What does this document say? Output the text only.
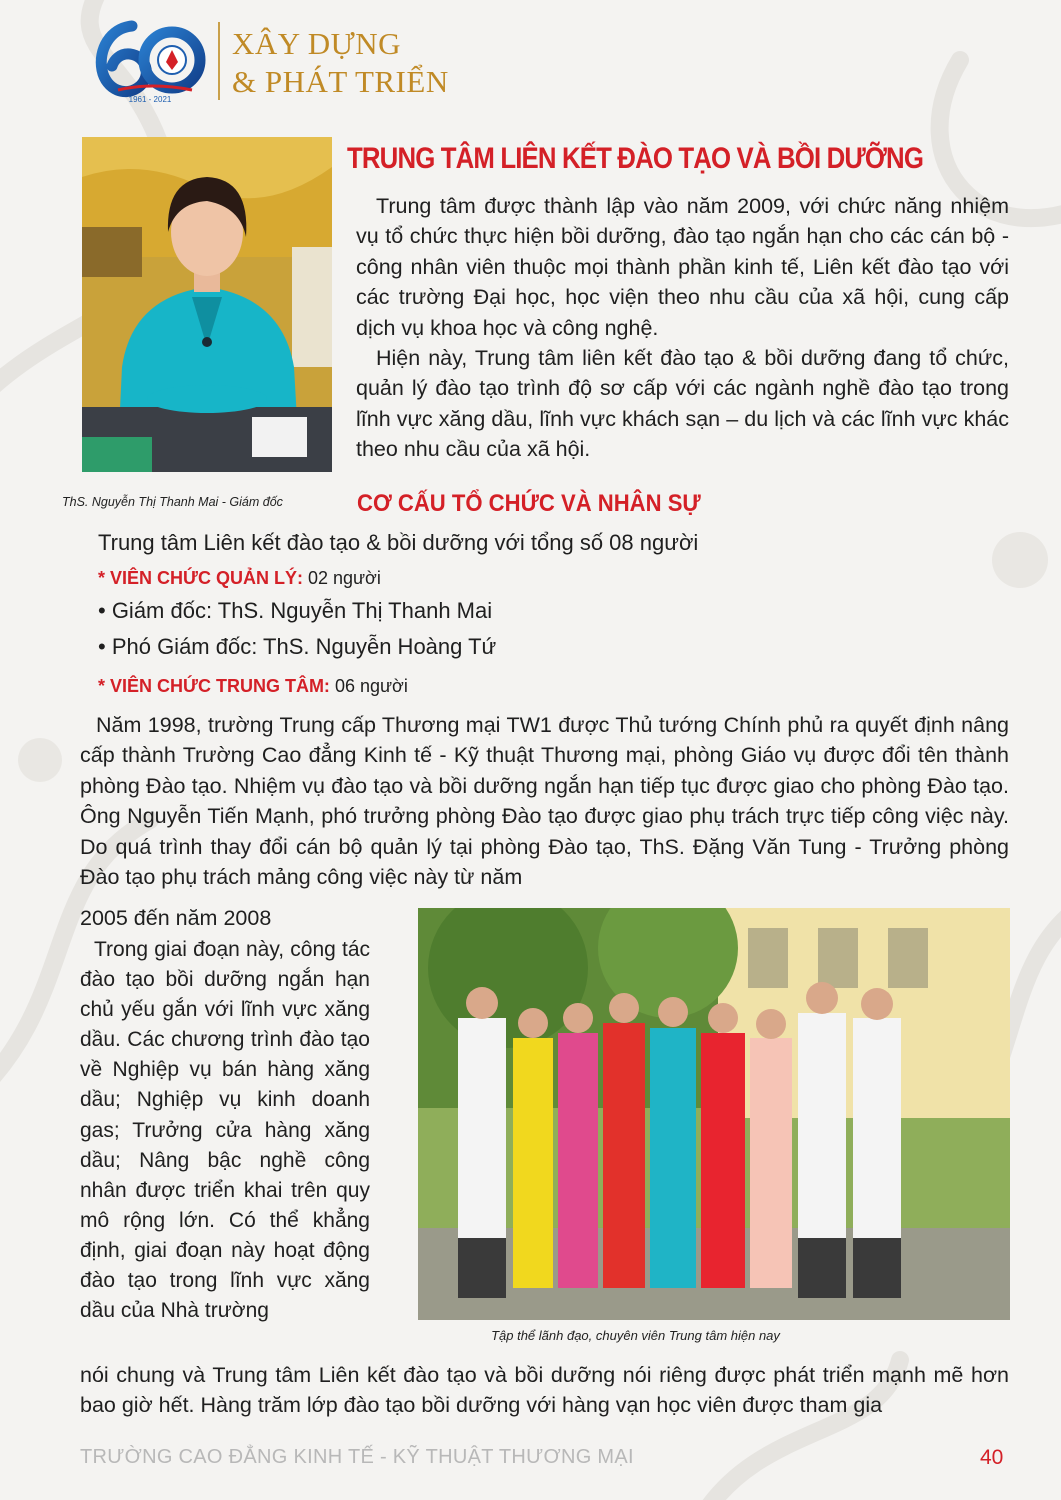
1961 - 2021
XÂY DỰNG
& PHÁT TRIỂN
ThS. Nguyễn Thị Thanh Mai - Giám đốc
TRUNG TÂM LIÊN KẾT ĐÀO TẠO VÀ BỒI DƯỠNG

Trung tâm được thành lập vào năm 2009, với chức năng nhiệm vụ tổ chức thực hiện bồi dưỡng, đào tạo ngắn hạn cho các cán bộ - công nhân viên thuộc mọi thành phần kinh tế, Liên kết đào tạo với các trường Đại học, học viện theo nhu cầu của xã hội, cung cấp dịch vụ khoa học và công nghệ.

Hiện này, Trung tâm liên kết đào tạo & bồi dưỡng đang tổ chức, quản lý đào tạo trình độ sơ cấp với các ngành nghề đào tạo trong lĩnh vực xăng dầu, lĩnh vực khách sạn – du lịch và các lĩnh vực khác theo nhu cầu của xã hội.

CƠ CẤU TỔ CHỨC VÀ NHÂN SỰ
Trung tâm Liên kết đào tạo & bồi dưỡng với tổng số 08 người
* VIÊN CHỨC QUẢN LÝ: 02 người
• Giám đốc: ThS. Nguyễn Thị Thanh Mai
• Phó Giám đốc: ThS. Nguyễn Hoàng Tứ
* VIÊN CHỨC TRUNG TÂM: 06 người

Năm 1998, trường Trung cấp Thương mại TW1 được Thủ tướng Chính phủ ra quyết định nâng cấp thành Trường Cao đẳng Kinh tế - Kỹ thuật Thương mại, phòng Giáo vụ được đổi tên thành phòng Đào tạo. Nhiệm vụ đào tạo và bồi dưỡng ngắn hạn tiếp tục được giao cho phòng Đào tạo. Ông Nguyễn Tiến Mạnh, phó trưởng phòng Đào tạo được giao phụ trách trực tiếp công việc này. Do quá trình thay đổi cán bộ quản lý tại phòng Đào tạo, ThS. Đặng Văn Tung - Trưởng phòng Đào tạo phụ trách mảng công việc này từ năm

2005 đến năm 2008

Trong giai đoạn này, công tác đào tạo bồi dưỡng ngắn hạn chủ yếu gắn với lĩnh vực xăng dầu. Các chương trình đào tạo về Nghiệp vụ bán hàng xăng dầu; Nghiệp vụ kinh doanh gas; Trưởng cửa hàng xăng dầu; Nâng bậc nghề công nhân được triển khai trên quy mô rộng lớn. Có thể khẳng định, giai đoạn này hoạt động đào tạo trong lĩnh vực xăng dầu của Nhà trường

Tập thể lãnh đạo, chuyên viên Trung tâm hiện nay

nói chung và Trung tâm Liên kết đào tạo và bồi dưỡng nói riêng được phát triển mạnh mẽ hơn bao giờ hết. Hàng trăm lớp đào tạo bồi dưỡng với hàng vạn học viên được tham gia

TRƯỜNG CAO ĐẲNG KINH TẾ - KỸ THUẬT THƯƠNG MẠI	40
